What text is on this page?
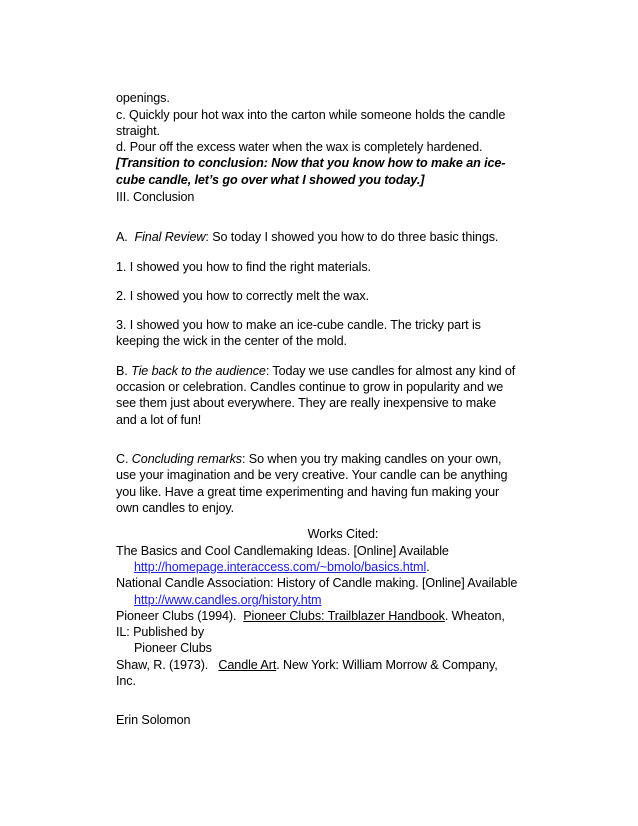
openings.
c. Quickly pour hot wax into the carton while someone holds the candle
straight.
d. Pour off the excess water when the wax is completely hardened.
[Transition to conclusion: Now that you know how to make an ice-
cube candle, let’s go over what I showed you today.]
III. Conclusion
A.  Final Review: So today I showed you how to do three basic things.
1. I showed you how to find the right materials.
2. I showed you how to correctly melt the wax.
3. I showed you how to make an ice-cube candle. The tricky part is
keeping the wick in the center of the mold.
B. Tie back to the audience: Today we use candles for almost any kind of
occasion or celebration. Candles continue to grow in popularity and we
see them just about everywhere. They are really inexpensive to make
and a lot of fun!
C. Concluding remarks: So when you try making candles on your own,
use your imagination and be very creative. Your candle can be anything
you like. Have a great time experimenting and having fun making your
own candles to enjoy.
Works Cited:
The Basics and Cool Candlemaking Ideas. [Online] Available
http://homepage.interaccess.com/~bmolo/basics.html.
National Candle Association: History of Candle making. [Online] Available
http://www.candles.org/history.htm
Pioneer Clubs (1994).  Pioneer Clubs: Trailblazer Handbook. Wheaton,
IL: Published by
Pioneer Clubs
Shaw, R. (1973).   Candle Art. New York: William Morrow & Company,
Inc.
Erin Solomon
